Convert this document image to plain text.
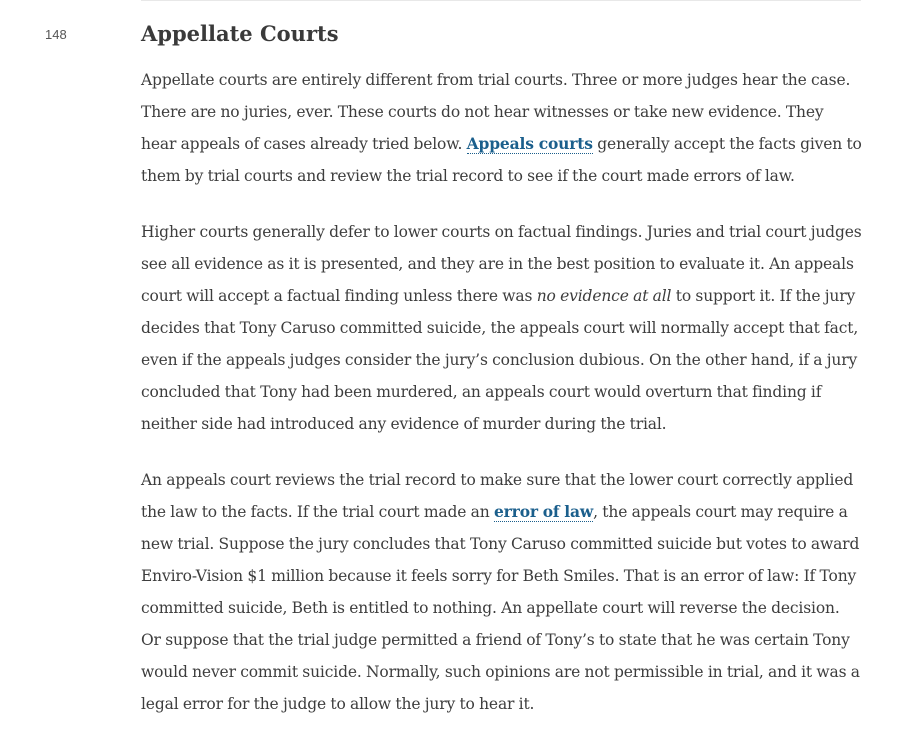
148	Appellate Courts

Appellate courts are entirely different from trial courts. Three or more judges hear the case. There are no juries, ever. These courts do not hear witnesses or take new evidence. They hear appeals of cases already tried below. Appeals courts generally accept the facts given to them by trial courts and review the trial record to see if the court made errors of law.

Higher courts generally defer to lower courts on factual findings. Juries and trial court judges see all evidence as it is presented, and they are in the best position to evaluate it. An appeals court will accept a factual finding unless there was no evidence at all to support it. If the jury decides that Tony Caruso committed suicide, the appeals court will normally accept that fact, even if the appeals judges consider the jury’s conclusion dubious. On the other hand, if a jury concluded that Tony had been murdered, an appeals court would overturn that finding if neither side had introduced any evidence of murder during the trial.

An appeals court reviews the trial record to make sure that the lower court correctly applied the law to the facts. If the trial court made an error of law, the appeals court may require a new trial. Suppose the jury concludes that Tony Caruso committed suicide but votes to award Enviro-Vision $1 million because it feels sorry for Beth Smiles. That is an error of law: If Tony committed suicide, Beth is entitled to nothing. An appellate court will reverse the decision. Or suppose that the trial judge permitted a friend of Tony’s to state that he was certain Tony would never commit suicide. Normally, such opinions are not permissible in trial, and it was a legal error for the judge to allow the jury to hear it.
